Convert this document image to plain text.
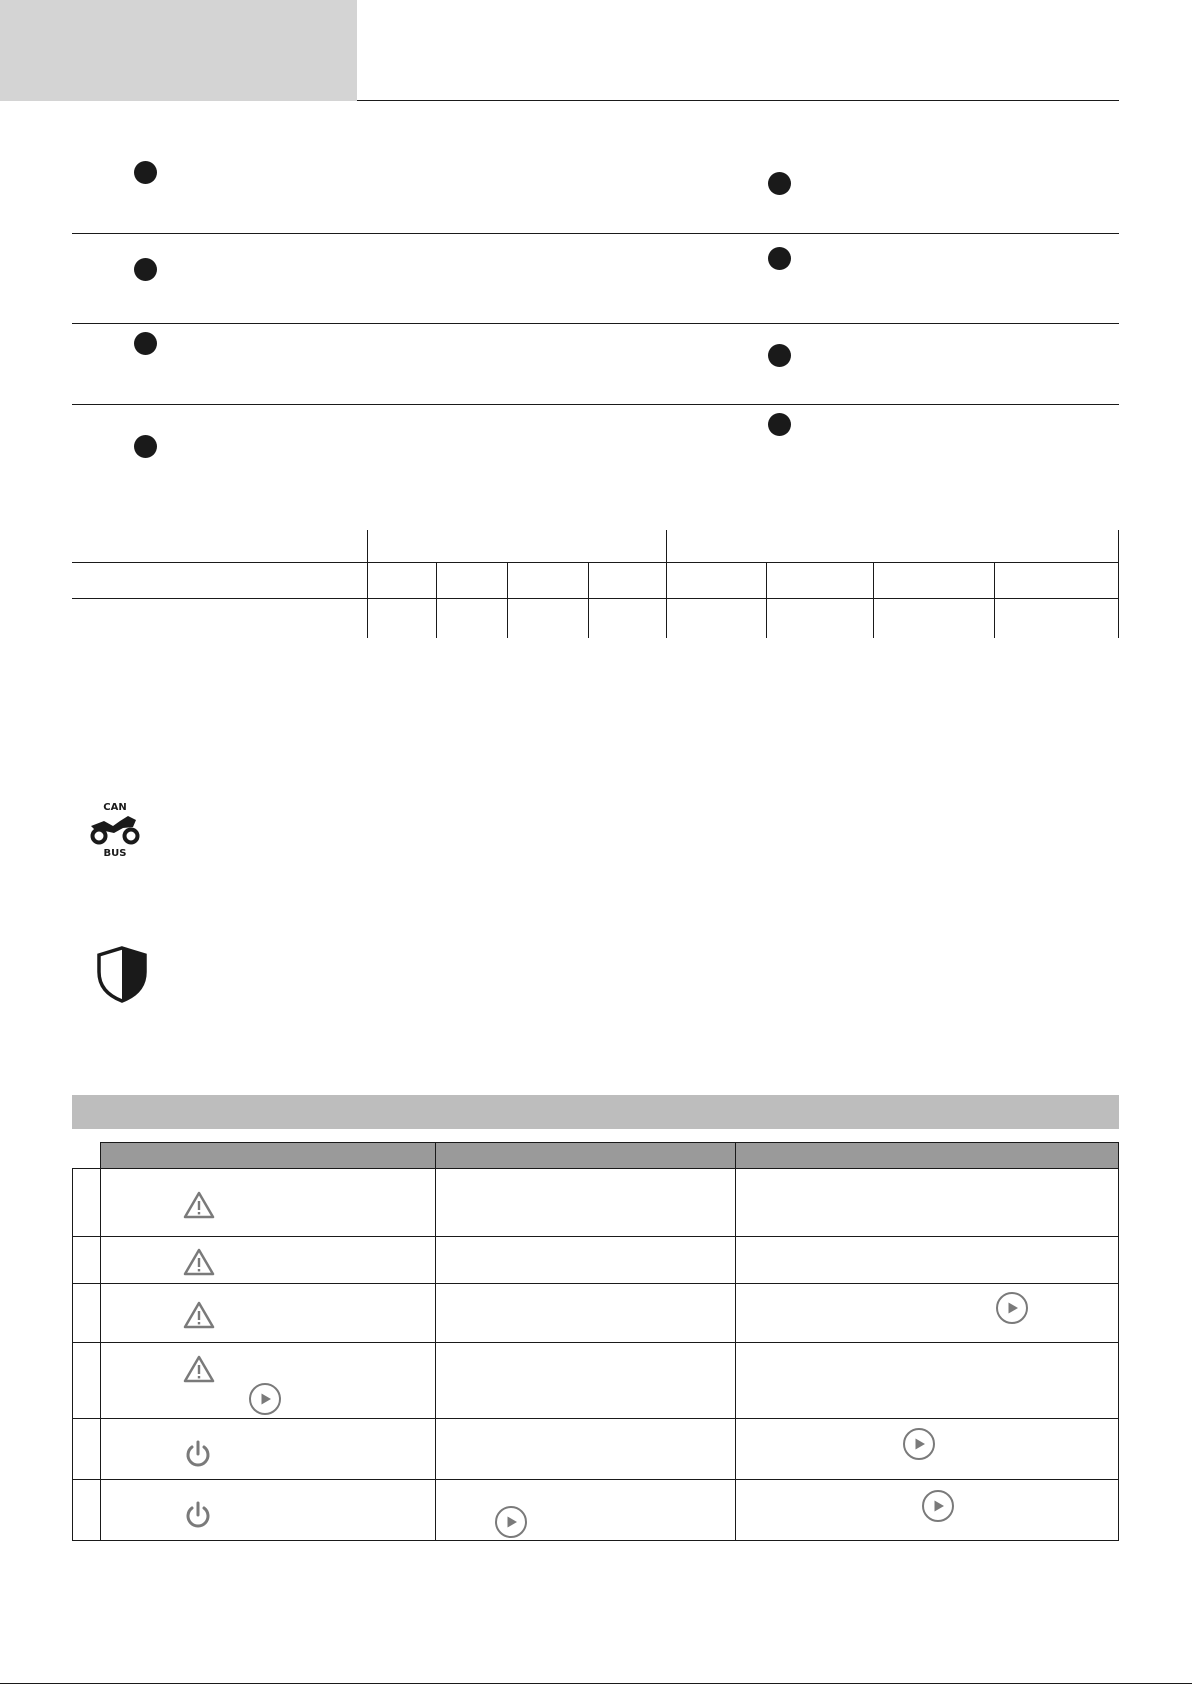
CAN
BUS
